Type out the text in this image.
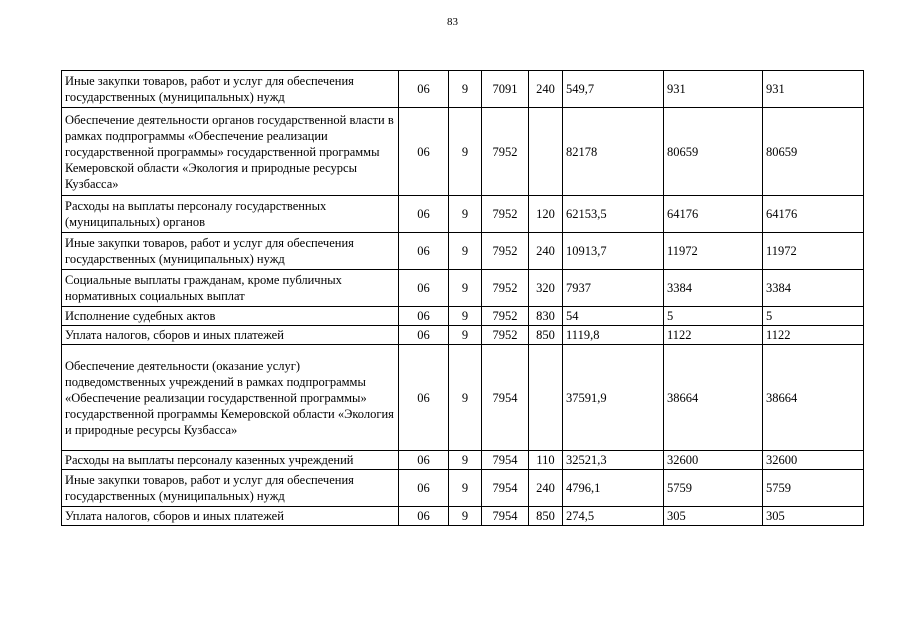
83
Иные закупки товаров, работ и услуг для обеспечения государственных (муниципальных) нужд	06	9	7091	240	549,7	931	931
Обеспечение деятельности органов государственной власти в рамках подпрограммы «Обеспечение реализации государственной программы» государственной программы Кемеровской области «Экология и природные ресурсы Кузбасса»	06	9	7952		82178	80659	80659
Расходы на выплаты персоналу государственных (муниципальных) органов	06	9	7952	120	62153,5	64176	64176
Иные закупки товаров, работ и услуг для обеспечения государственных (муниципальных) нужд	06	9	7952	240	10913,7	11972	11972
Социальные выплаты гражданам, кроме публичных нормативных социальных выплат	06	9	7952	320	7937	3384	3384
Исполнение судебных актов	06	9	7952	830	54	5	5
Уплата налогов, сборов и иных платежей	06	9	7952	850	1119,8	1122	1122
Обеспечение деятельности (оказание услуг) подведомственных учреждений в рамках подпрограммы «Обеспечение реализации государственной программы» государственной программы Кемеровской области «Экология и природные ресурсы Кузбасса»	06	9	7954		37591,9	38664	38664
Расходы на выплаты персоналу казенных учреждений	06	9	7954	110	32521,3	32600	32600
Иные закупки товаров, работ и услуг для обеспечения государственных (муниципальных) нужд	06	9	7954	240	4796,1	5759	5759
Уплата налогов, сборов и иных платежей	06	9	7954	850	274,5	305	305
